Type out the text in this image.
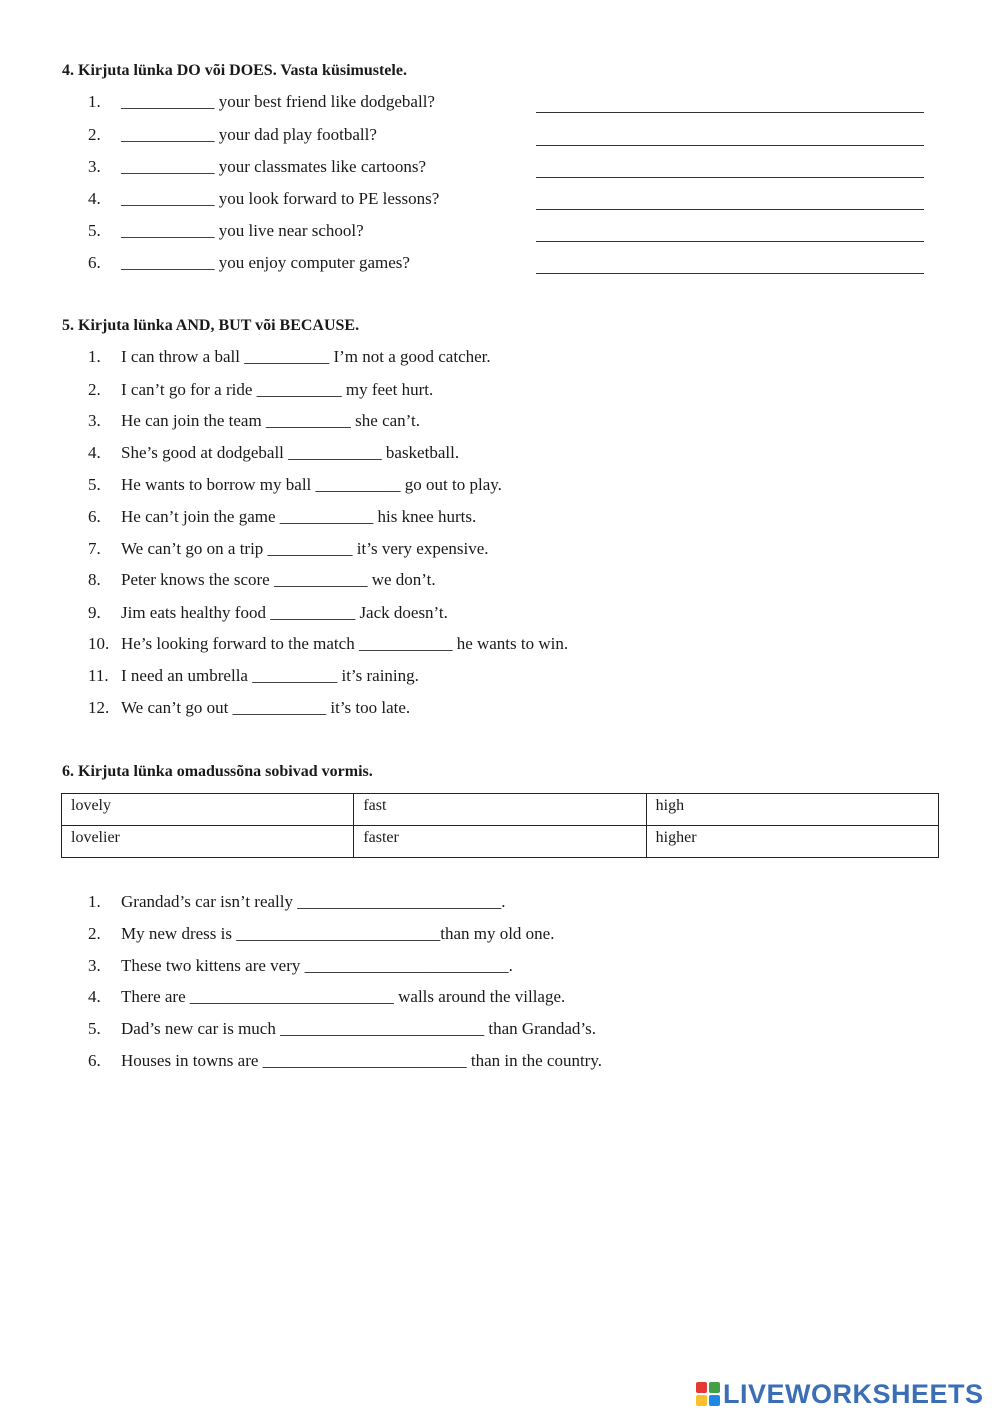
4. Kirjuta lünka DO või DOES. Vasta küsimustele.
1. ___________ your best friend like dodgeball?
2. ___________ your dad play football?
3. ___________ your classmates like cartoons?
4. ___________ you look forward to PE lessons?
5. ___________ you live near school?
6. ___________ you enjoy computer games?
5. Kirjuta lünka AND, BUT või BECAUSE.
1. I can throw a ball __________ I’m not a good catcher.
2. I can’t go for a ride __________ my feet hurt.
3. He can join the team __________ she can’t.
4. She’s good at dodgeball ___________ basketball.
5. He wants to borrow my ball __________ go out to play.
6. He can’t join the game ___________ his knee hurts.
7. We can’t go on a trip __________ it’s very expensive.
8. Peter knows the score ___________ we don’t.
9. Jim eats healthy food __________ Jack doesn’t.
10. He’s looking forward to the match ___________ he wants to win.
11. I need an umbrella __________ it’s raining.
12. We can’t go out ___________ it’s too late.
6. Kirjuta lünka omadussõna sobivad vormis.
lovely	fast	high
lovelier	faster	higher
1. Grandad’s car isn’t really ________________________.
2. My new dress is ________________________than my old one.
3. These two kittens are very ________________________.
4. There are ________________________ walls around the village.
5. Dad’s new car is much ________________________ than Grandad’s.
6. Houses in towns are ________________________ than in the country.
LIVEWORKSHEETS
